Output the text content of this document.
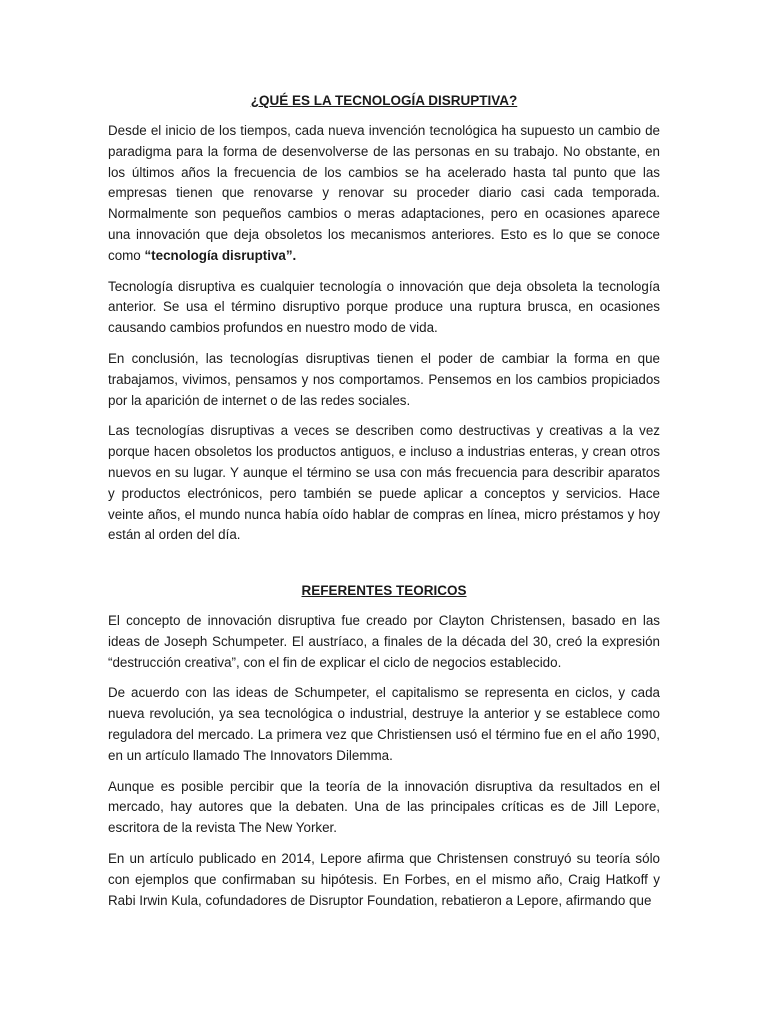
¿QUÉ ES LA TECNOLOGÍA DISRUPTIVA?

Desde el inicio de los tiempos, cada nueva invención tecnológica ha supuesto un cambio de paradigma para la forma de desenvolverse de las personas en su trabajo. No obstante, en los últimos años la frecuencia de los cambios se ha acelerado hasta tal punto que las empresas tienen que renovarse y renovar su proceder diario casi cada temporada. Normalmente son pequeños cambios o meras adaptaciones, pero en ocasiones aparece una innovación que deja obsoletos los mecanismos anteriores. Esto es lo que se conoce como “tecnología disruptiva”.

Tecnología disruptiva es cualquier tecnología o innovación que deja obsoleta la tecnología anterior. Se usa el término disruptivo porque produce una ruptura brusca, en ocasiones causando cambios profundos en nuestro modo de vida.

En conclusión, las tecnologías disruptivas tienen el poder de cambiar la forma en que trabajamos, vivimos, pensamos y nos comportamos. Pensemos en los cambios propiciados por la aparición de internet o de las redes sociales.

Las tecnologías disruptivas a veces se describen como destructivas y creativas a la vez porque hacen obsoletos los productos antiguos, e incluso a industrias enteras, y crean otros nuevos en su lugar. Y aunque el término se usa con más frecuencia para describir aparatos y productos electrónicos, pero también se puede aplicar a conceptos y servicios. Hace veinte años, el mundo nunca había oído hablar de compras en línea, micro préstamos y hoy están al orden del día.

REFERENTES TEORICOS

El concepto de innovación disruptiva fue creado por Clayton Christensen, basado en las ideas de Joseph Schumpeter. El austríaco, a finales de la década del 30, creó la expresión “destrucción creativa”, con el fin de explicar el ciclo de negocios establecido.

De acuerdo con las ideas de Schumpeter, el capitalismo se representa en ciclos, y cada nueva revolución, ya sea tecnológica o industrial, destruye la anterior y se establece como reguladora del mercado. La primera vez que Christiensen usó el término fue en el año 1990, en un artículo llamado The Innovators Dilemma.

Aunque es posible percibir que la teoría de la innovación disruptiva da resultados en el mercado, hay autores que la debaten. Una de las principales críticas es de Jill Lepore, escritora de la revista The New Yorker.

En un artículo publicado en 2014, Lepore afirma que Christensen construyó su teoría sólo con ejemplos que confirmaban su hipótesis. En Forbes, en el mismo año, Craig Hatkoff y Rabi Irwin Kula, cofundadores de Disruptor Foundation, rebatieron a Lepore, afirmando que
